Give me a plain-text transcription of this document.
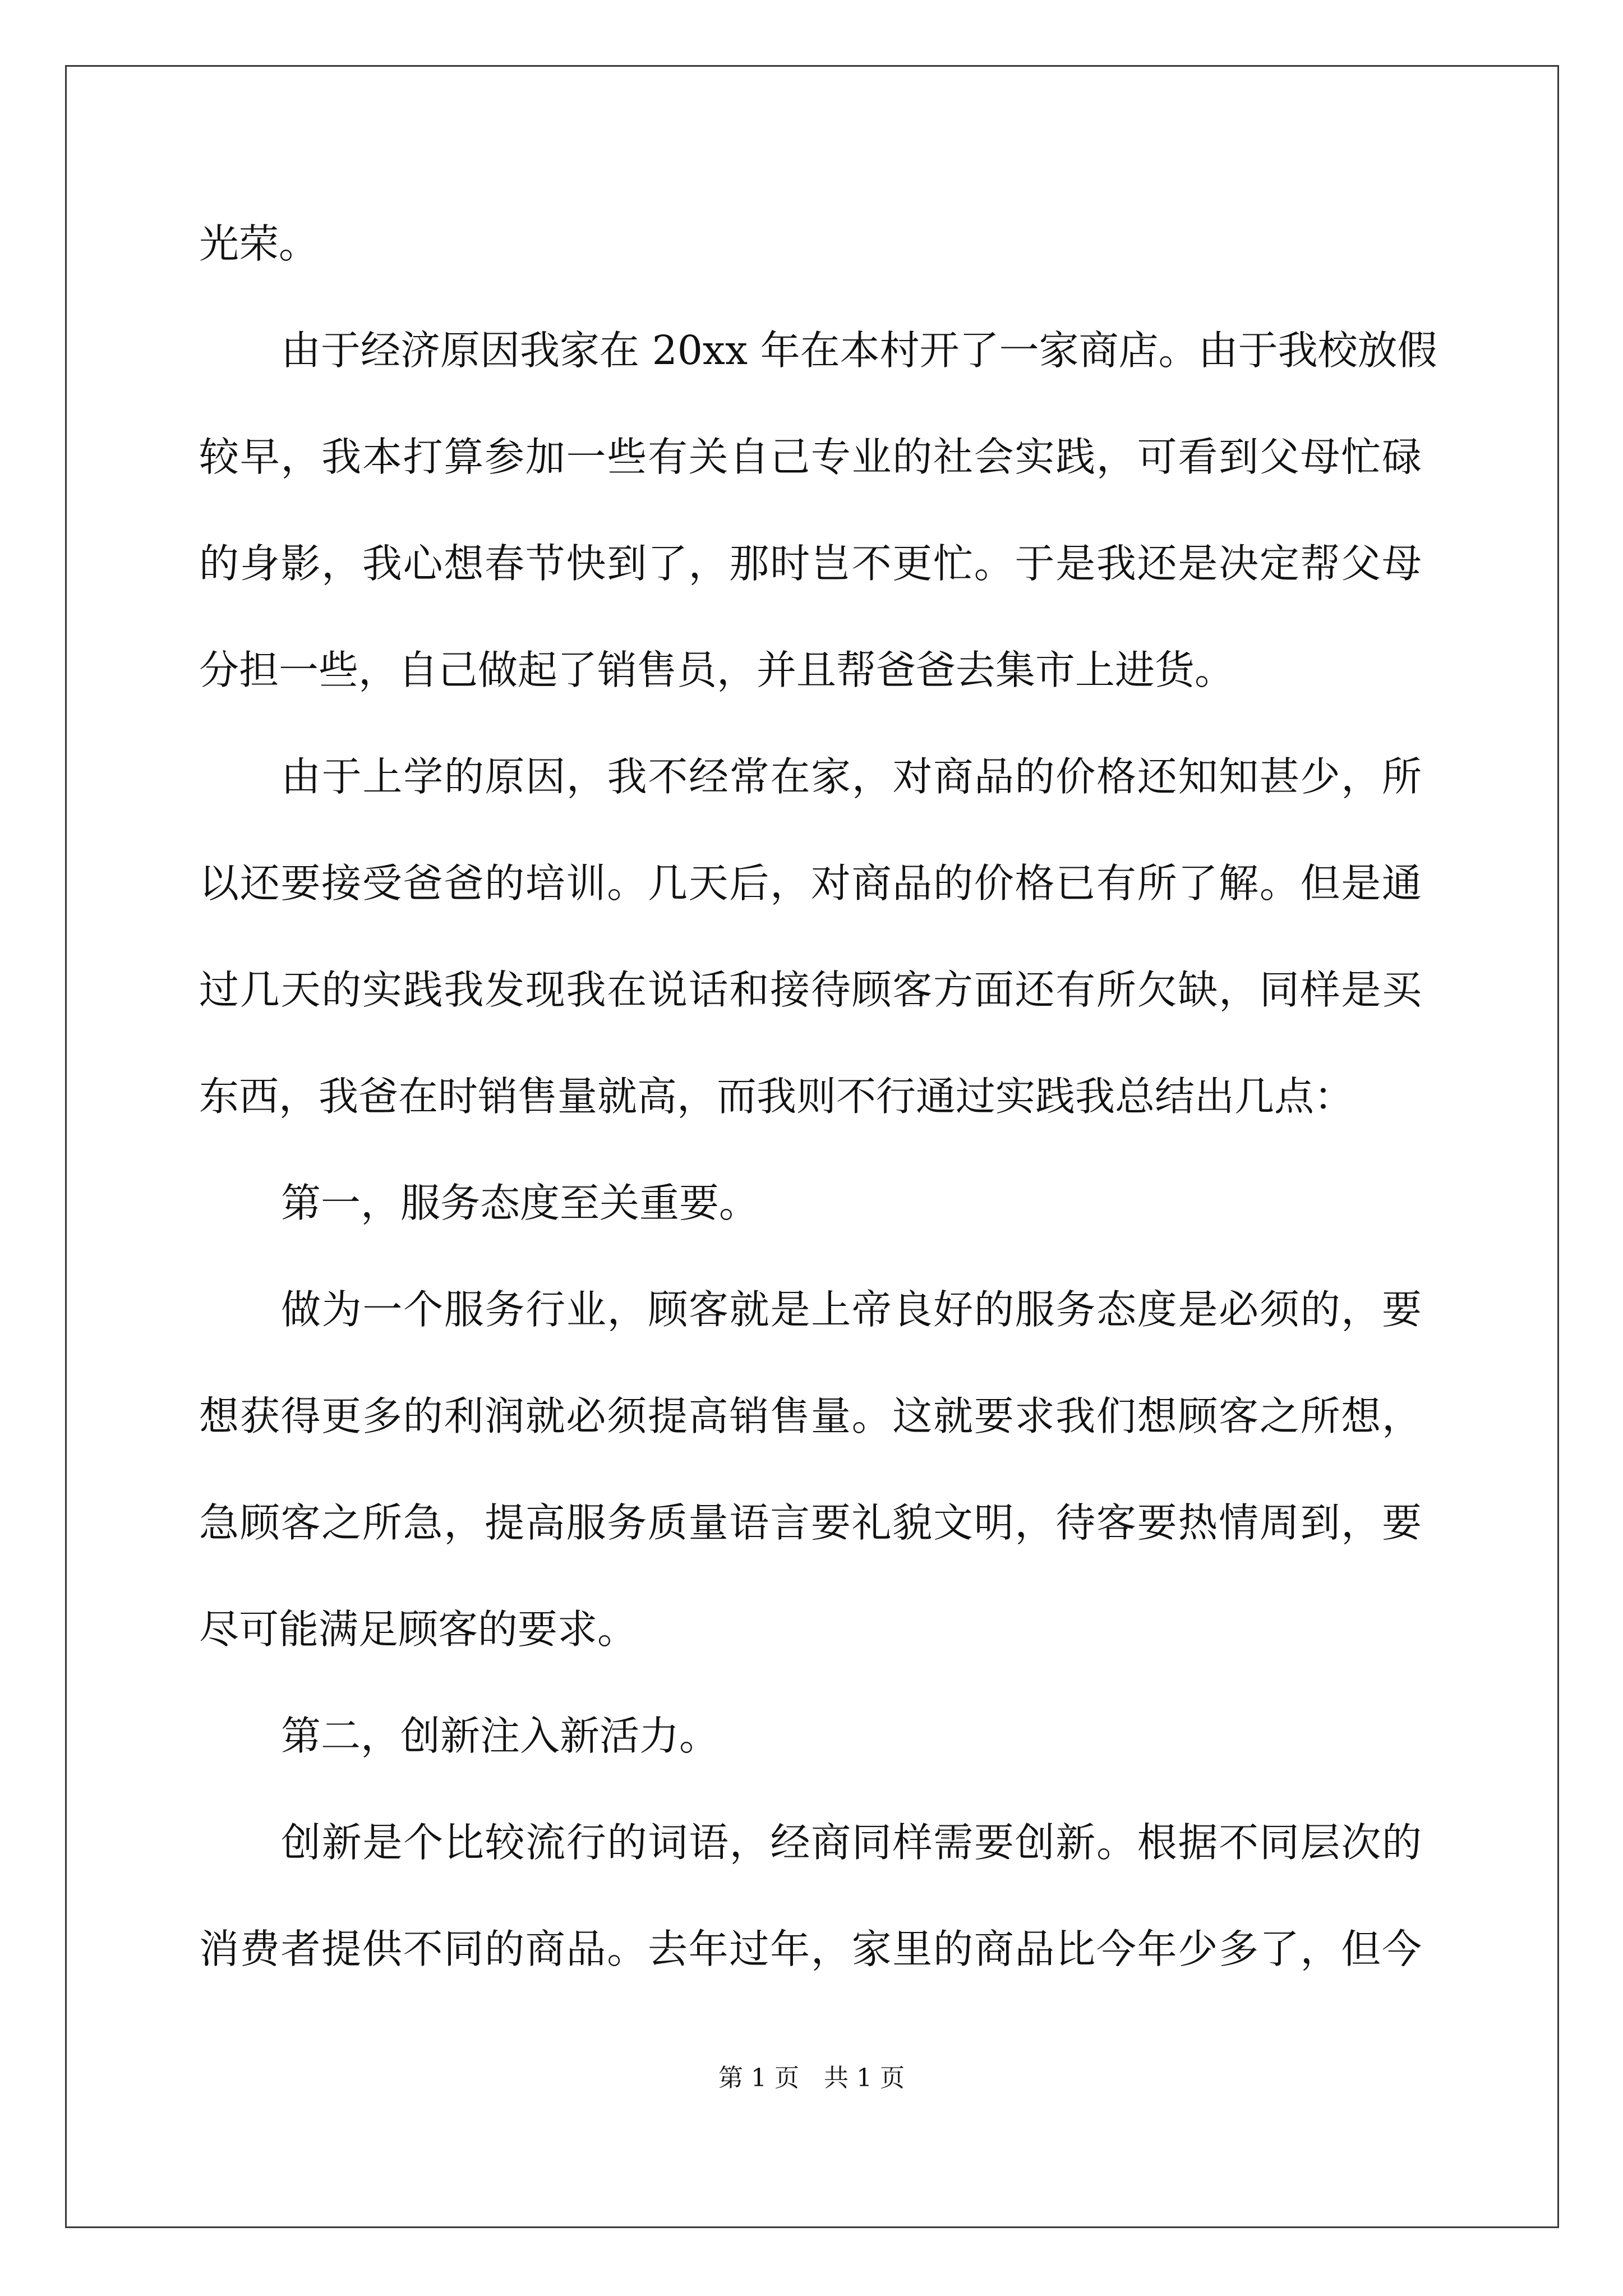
光荣。
由于经济原因我家在 20xx 年在本村开了一家商店。由于我校放假
较早，我本打算参加一些有关自己专业的社会实践，可看到父母忙碌
的身影，我心想春节快到了，那时岂不更忙。于是我还是决定帮父母
分担一些，自己做起了销售员，并且帮爸爸去集市上进货。
由于上学的原因，我不经常在家，对商品的价格还知知甚少，所
以还要接受爸爸的培训。几天后，对商品的价格已有所了解。但是通
过几天的实践我发现我在说话和接待顾客方面还有所欠缺，同样是买
东西，我爸在时销售量就高，而我则不行通过实践我总结出几点：
第一，服务态度至关重要。
做为一个服务行业，顾客就是上帝良好的服务态度是必须的，要
想获得更多的利润就必须提高销售量。这就要求我们想顾客之所想，
急顾客之所急，提高服务质量语言要礼貌文明，待客要热情周到，要
尽可能满足顾客的要求。
第二，创新注入新活力。
创新是个比较流行的词语，经商同样需要创新。根据不同层次的
消费者提供不同的商品。去年过年，家里的商品比今年少多了，但今
第 1 页 共 1 页
